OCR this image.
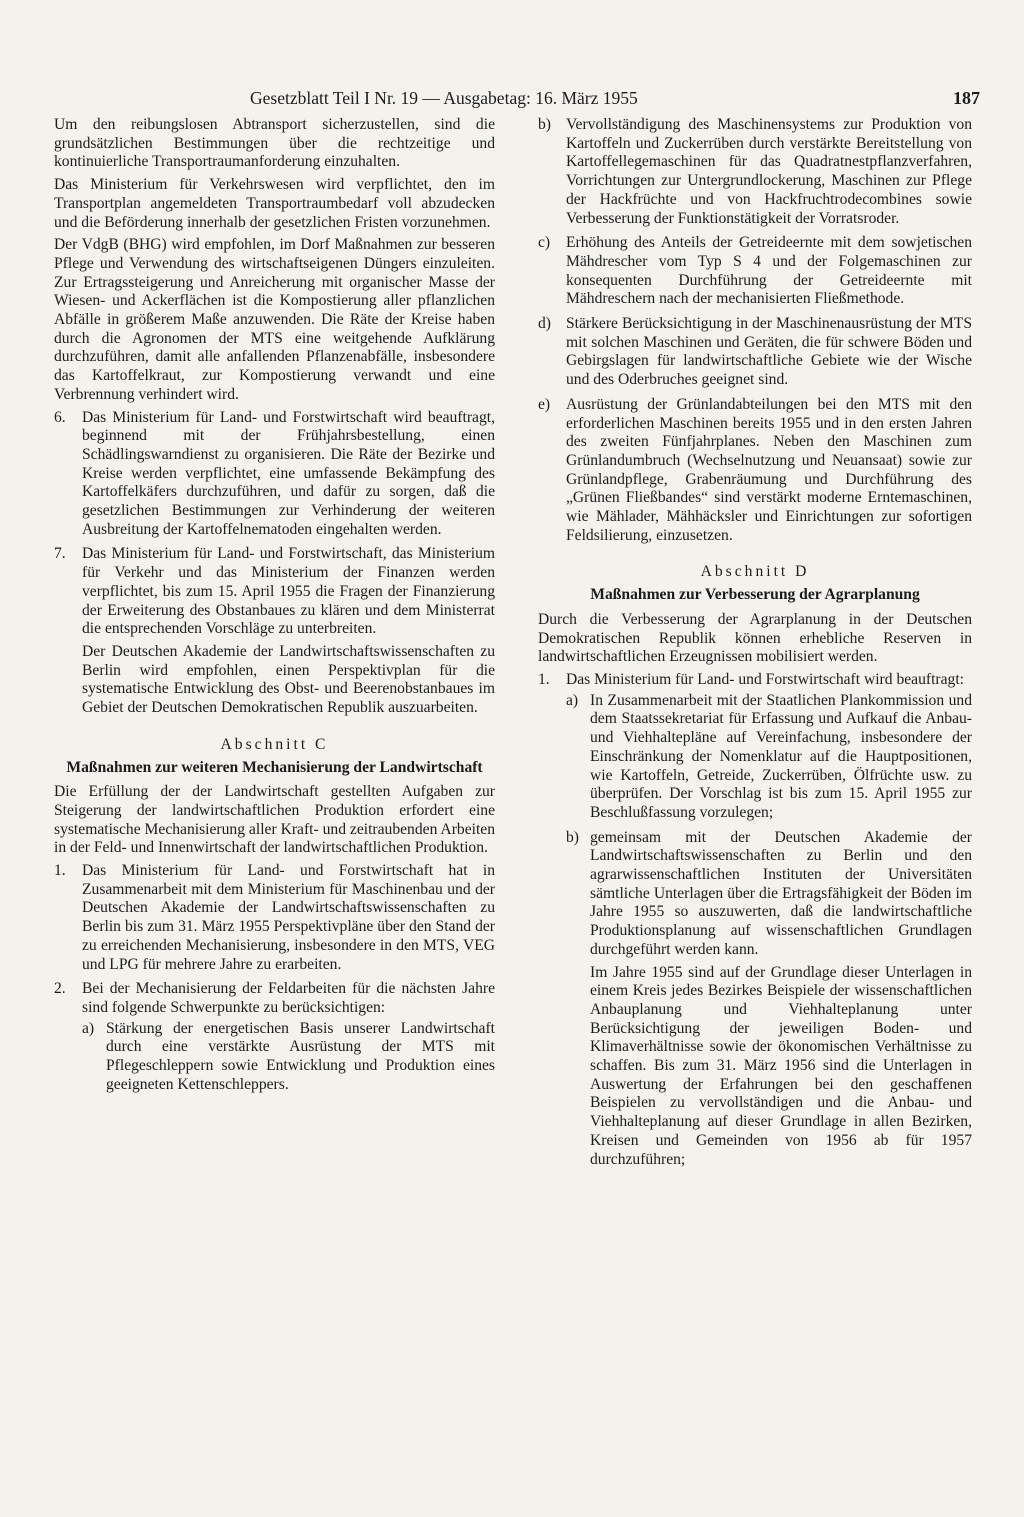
Gesetzblatt Teil I Nr. 19 — Ausgabetag: 16. März 1955	187

Um den reibungslosen Abtransport sicherzustellen, sind die grundsätzlichen Bestimmungen über die rechtzeitige und kontinuierliche Transportraumanforderung einzuhalten.

Das Ministerium für Verkehrswesen wird verpflichtet, den im Transportplan angemeldeten Transportraumbedarf voll abzudecken und die Beförderung innerhalb der gesetzlichen Fristen vorzunehmen.

Der VdgB (BHG) wird empfohlen, im Dorf Maßnahmen zur besseren Pflege und Verwendung des wirtschaftseigenen Düngers einzuleiten. Zur Ertragssteigerung und Anreicherung mit organischer Masse der Wiesen- und Ackerflächen ist die Kompostierung aller pflanzlichen Abfälle in größerem Maße anzuwenden. Die Räte der Kreise haben durch die Agronomen der MTS eine weitgehende Aufklärung durchzuführen, damit alle anfallenden Pflanzenabfälle, insbesondere das Kartoffelkraut, zur Kompostierung verwandt und eine Verbrennung verhindert wird.

6. Das Ministerium für Land- und Forstwirtschaft wird beauftragt, beginnend mit der Frühjahrsbestellung, einen Schädlingswarndienst zu organisieren. Die Räte der Bezirke und Kreise werden verpflichtet, eine umfassende Bekämpfung des Kartoffelkäfers durchzuführen, und dafür zu sorgen, daß die gesetzlichen Bestimmungen zur Verhinderung der weiteren Ausbreitung der Kartoffelnematoden eingehalten werden.
7. Das Ministerium für Land- und Forstwirtschaft, das Ministerium für Verkehr und das Ministerium der Finanzen werden verpflichtet, bis zum 15. April 1955 die Fragen der Finanzierung der Erweiterung des Obstanbaues zu klären und dem Ministerrat die entsprechenden Vorschläge zu unterbreiten.

Der Deutschen Akademie der Landwirtschaftswissenschaften zu Berlin wird empfohlen, einen Perspektivplan für die systematische Entwicklung des Obst- und Beerenobstanbaues im Gebiet der Deutschen Demokratischen Republik auszuarbeiten.

Abschnitt C
Maßnahmen zur weiteren Mechanisierung der Landwirtschaft

Die Erfüllung der der Landwirtschaft gestellten Aufgaben zur Steigerung der landwirtschaftlichen Produktion erfordert eine systematische Mechanisierung aller Kraft- und zeitraubenden Arbeiten in der Feld- und Innenwirtschaft der landwirtschaftlichen Produktion.

1. Das Ministerium für Land- und Forstwirtschaft hat in Zusammenarbeit mit dem Ministerium für Maschinenbau und der Deutschen Akademie der Landwirtschaftswissenschaften zu Berlin bis zum 31. März 1955 Perspektivpläne über den Stand der zu erreichenden Mechanisierung, insbesondere in den MTS, VEG und LPG für mehrere Jahre zu erarbeiten.
2. Bei der Mechanisierung der Feldarbeiten für die nächsten Jahre sind folgende Schwerpunkte zu berücksichtigen:
a) Stärkung der energetischen Basis unserer Landwirtschaft durch eine verstärkte Ausrüstung der MTS mit Pflegeschleppern sowie Entwicklung und Produktion eines geeigneten Kettenschleppers.
b) Vervollständigung des Maschinensystems zur Produktion von Kartoffeln und Zuckerrüben durch verstärkte Bereitstellung von Kartoffellegemaschinen für das Quadratnestpflanzverfahren, Vorrichtungen zur Untergrundlockerung, Maschinen zur Pflege der Hackfrüchte und von Hackfruchtrodecombines sowie Verbesserung der Funktionstätigkeit der Vorratsroder.
c) Erhöhung des Anteils der Getreideernte mit dem sowjetischen Mähdrescher vom Typ S 4 und der Folgemaschinen zur konsequenten Durchführung der Getreideernte mit Mähdreschern nach der mechanisierten Fließmethode.
d) Stärkere Berücksichtigung in der Maschinenausrüstung der MTS mit solchen Maschinen und Geräten, die für schwere Böden und Gebirgslagen für landwirtschaftliche Gebiete wie der Wische und des Oderbruches geeignet sind.
e) Ausrüstung der Grünlandabteilungen bei den MTS mit den erforderlichen Maschinen bereits 1955 und in den ersten Jahren des zweiten Fünfjahrplanes. Neben den Maschinen zum Grünlandumbruch (Wechselnutzung und Neuansaat) sowie zur Grünlandpflege, Grabenräumung und Durchführung des „Grünen Fließbandes“ sind verstärkt moderne Erntemaschinen, wie Mählader, Mähhäcksler und Einrichtungen zur sofortigen Feldsilierung, einzusetzen.
Abschnitt D
Maßnahmen zur Verbesserung der Agrarplanung

Durch die Verbesserung der Agrarplanung in der Deutschen Demokratischen Republik können erhebliche Reserven in landwirtschaftlichen Erzeugnissen mobilisiert werden.

1. Das Ministerium für Land- und Forstwirtschaft wird beauftragt:
a) In Zusammenarbeit mit der Staatlichen Plankommission und dem Staatssekretariat für Erfassung und Aufkauf die Anbau- und Viehhaltepläne auf Vereinfachung, insbesondere der Einschränkung der Nomenklatur auf die Hauptpositionen, wie Kartoffeln, Getreide, Zuckerrüben, Ölfrüchte usw. zu überprüfen. Der Vorschlag ist bis zum 15. April 1955 zur Beschlußfassung vorzulegen;
b) gemeinsam mit der Deutschen Akademie der Landwirtschaftswissenschaften zu Berlin und den agrarwissenschaftlichen Instituten der Universitäten sämtliche Unterlagen über die Ertragsfähigkeit der Böden im Jahre 1955 so auszuwerten, daß die landwirtschaftliche Produktionsplanung auf wissenschaftlichen Grundlagen durchgeführt werden kann.

Im Jahre 1955 sind auf der Grundlage dieser Unterlagen in einem Kreis jedes Bezirkes Beispiele der wissenschaftlichen Anbauplanung und Viehhalteplanung unter Berücksichtigung der jeweiligen Boden- und Klimaverhältnisse sowie der ökonomischen Verhältnisse zu schaffen. Bis zum 31. März 1956 sind die Unterlagen in Auswertung der Erfahrungen bei den geschaffenen Beispielen zu vervollständigen und die Anbau- und Viehhalteplanung auf dieser Grundlage in allen Bezirken, Kreisen und Gemeinden von 1956 ab für 1957 durchzuführen;
